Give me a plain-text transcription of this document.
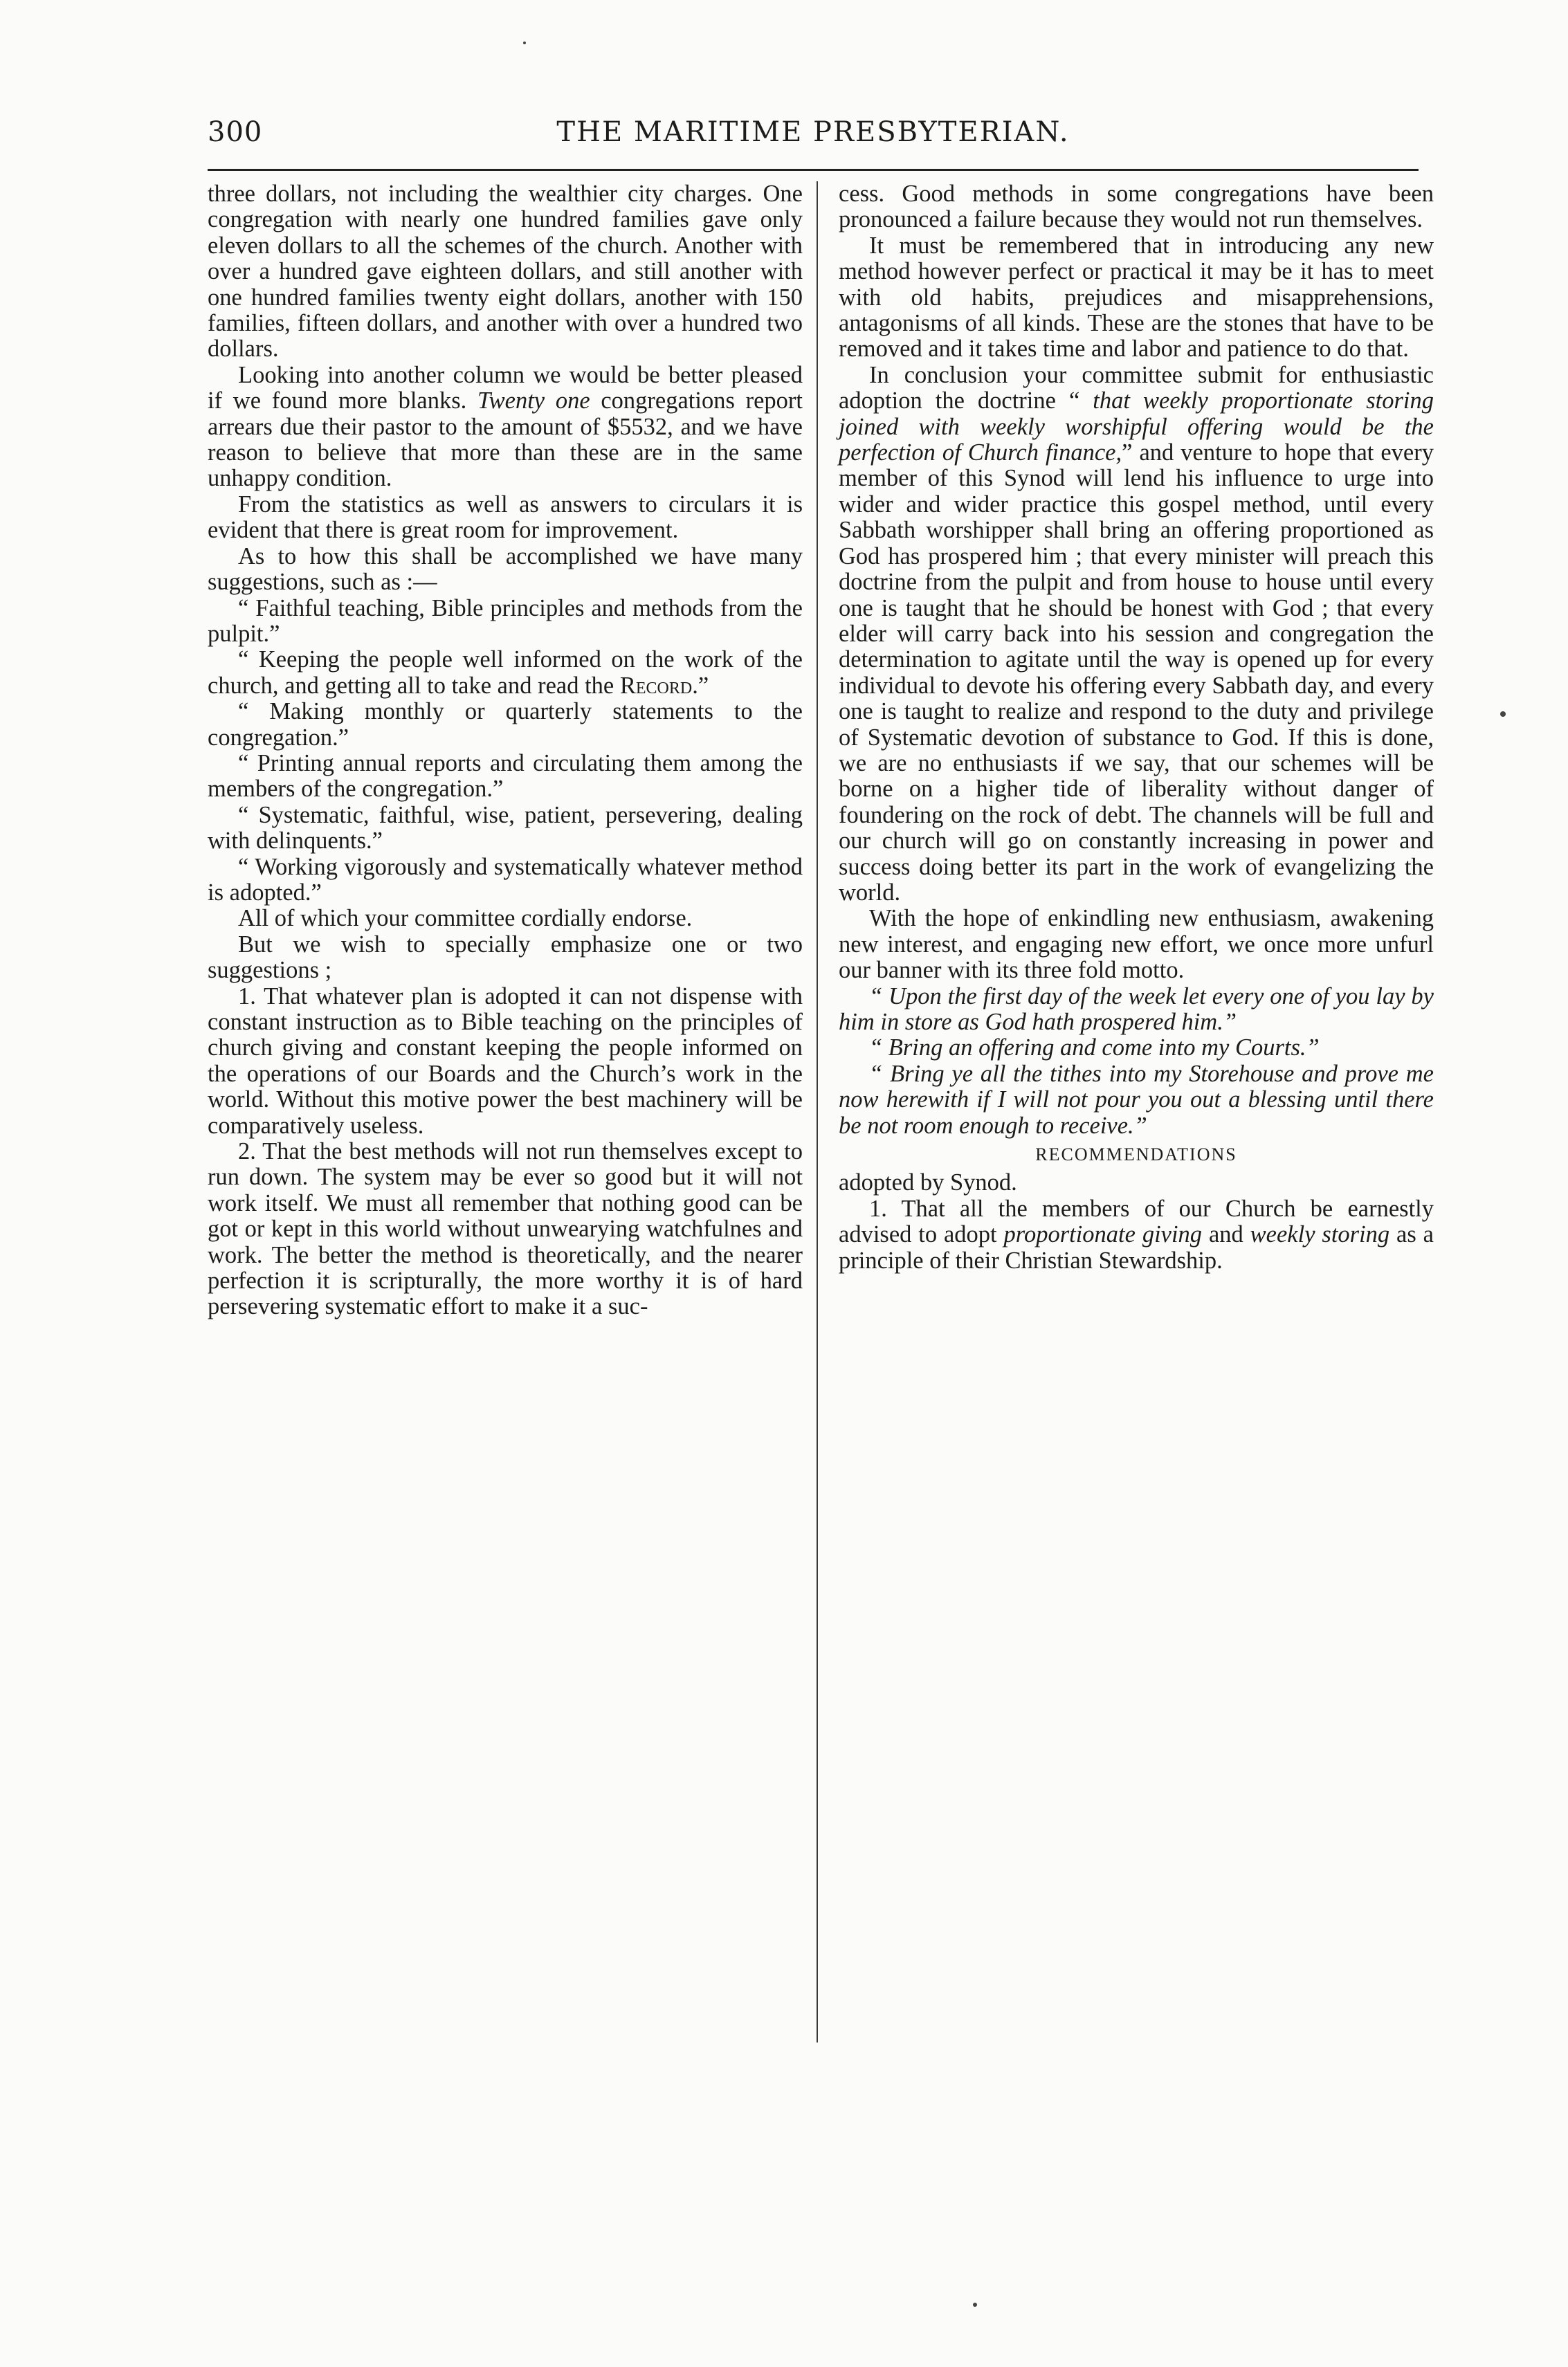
300	THE MARITIME PRESBYTERIAN.

three dollars, not including the wealthier city charges. One congregation with nearly one hundred families gave only eleven dollars to all the schemes of the church. Another with over a hundred gave eighteen dollars, and still another with one hundred families twenty eight dollars, another with 150 families, fifteen dollars, and another with over a hundred two dollars.

Looking into another column we would be better pleased if we found more blanks. Twenty one congregations report arrears due their pastor to the amount of $5532, and we have reason to believe that more than these are in the same unhappy condition.

From the statistics as well as answers to circulars it is evident that there is great room for improvement.

As to how this shall be accomplished we have many suggestions, such as :—

“ Faithful teaching, Bible principles and methods from the pulpit.”

“ Keeping the people well informed on the work of the church, and getting all to take and read the Record.”

“ Making monthly or quarterly statements to the congregation.”

“ Printing annual reports and circulating them among the members of the congregation.”

“ Systematic, faithful, wise, patient, persevering, dealing with delinquents.”

“ Working vigorously and systematically whatever method is adopted.”

All of which your committee cordially endorse.

But we wish to specially emphasize one or two suggestions ;

1. That whatever plan is adopted it can not dispense with constant instruction as to Bible teaching on the principles of church giving and constant keeping the people informed on the operations of our Boards and the Church’s work in the world. Without this motive power the best machinery will be comparatively useless.

2. That the best methods will not run themselves except to run down. The system may be ever so good but it will not work itself. We must all remember that nothing good can be got or kept in this world without unwearying watchfulnes and work. The better the method is theoretically, and the nearer perfection it is scripturally, the more worthy it is of hard persevering systematic effort to make it a suc-

cess. Good methods in some congregations have been pronounced a failure because they would not run themselves.

It must be remembered that in introducing any new method however perfect or practical it may be it has to meet with old habits, prejudices and misapprehensions, antagonisms of all kinds. These are the stones that have to be removed and it takes time and labor and patience to do that.

In conclusion your committee submit for enthusiastic adoption the doctrine “ that weekly proportionate storing joined with weekly worshipful offering would be the perfection of Church finance,” and venture to hope that every member of this Synod will lend his influence to urge into wider and wider practice this gospel method, until every Sabbath worshipper shall bring an offering proportioned as God has prospered him ; that every minister will preach this doctrine from the pulpit and from house to house until every one is taught that he should be honest with God ; that every elder will carry back into his session and congregation the determination to agitate until the way is opened up for every individual to devote his offering every Sabbath day, and every one is taught to realize and respond to the duty and privilege of Systematic devotion of substance to God. If this is done, we are no enthusiasts if we say, that our schemes will be borne on a higher tide of liberality without danger of foundering on the rock of debt. The channels will be full and our church will go on constantly increasing in power and success doing better its part in the work of evangelizing the world.

With the hope of enkindling new enthusiasm, awakening new interest, and engaging new effort, we once more unfurl our banner with its three fold motto.

“ Upon the first day of the week let every one of you lay by him in store as God hath prospered him.”

“ Bring an offering and come into my Courts.”

“ Bring ye all the tithes into my Storehouse and prove me now herewith if I will not pour you out a blessing until there be not room enough to receive.”

RECOMMENDATIONS

adopted by Synod.

1. That all the members of our Church be earnestly advised to adopt proportionate giving and weekly storing as a principle of their Christian Stewardship.
